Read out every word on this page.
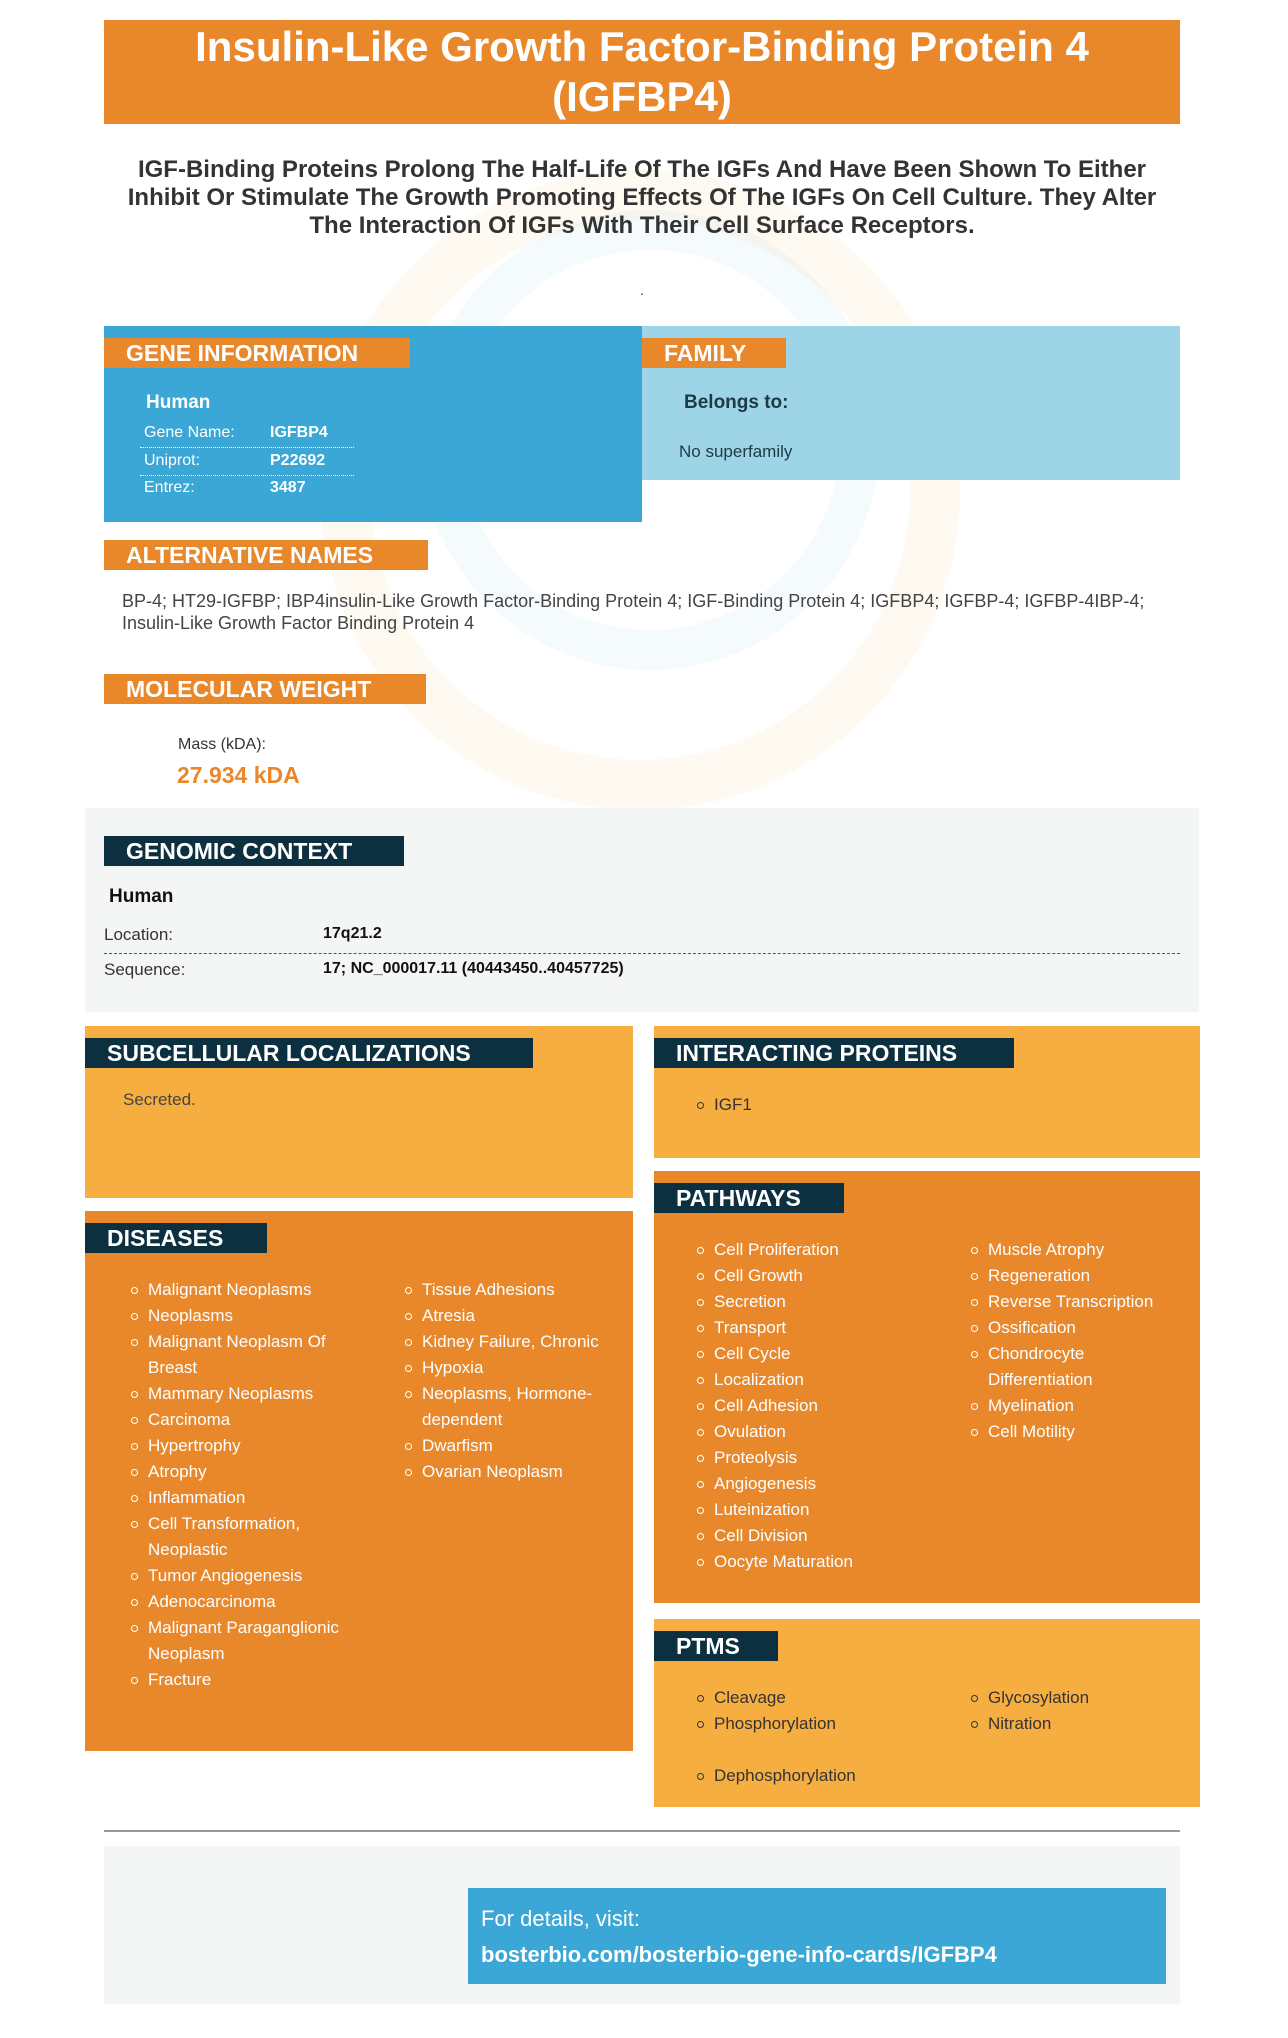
Insulin-Like Growth Factor-Binding Protein 4
(IGFBP4)
IGF-Binding Proteins Prolong The Half-Life Of The IGFs And Have Been Shown To Either Inhibit Or Stimulate The Growth Promoting Effects Of The IGFs On Cell Culture. They Alter The Interaction Of IGFs With Their Cell Surface Receptors.
.
GENE INFORMATION
Human
Gene Name: IGFBP4
Uniprot:	P22692
Entrez:	3487
FAMILY
Belongs to:
No superfamily
ALTERNATIVE NAMES
BP-4; HT29-IGFBP; IBP4insulin-Like Growth Factor-Binding Protein 4; IGF-Binding Protein 4; IGFBP4; IGFBP-4; IGFBP-4IBP-4; Insulin-Like Growth Factor Binding Protein 4
MOLECULAR WEIGHT
Mass (kDA):
27.934 kDA
GENOMIC CONTEXT
Human
Location:	17q21.2
Sequence:	17; NC_000017.11 (40443450..40457725)
SUBCELLULAR LOCALIZATIONS
Secreted.
INTERACTING PROTEINS
IGF1
DISEASES
Malignant Neoplasms
Neoplasms
Malignant Neoplasm Of Breast
Mammary Neoplasms
Carcinoma
Hypertrophy
Atrophy
Inflammation
Cell Transformation, Neoplastic
Tumor Angiogenesis
Adenocarcinoma
Malignant Paraganglionic Neoplasm
Fracture
Tissue Adhesions
Atresia
Kidney Failure, Chronic
Hypoxia
Neoplasms, Hormone-dependent
Dwarfism
Ovarian Neoplasm
PATHWAYS
Cell Proliferation
Cell Growth
Secretion
Transport
Cell Cycle
Localization
Cell Adhesion
Ovulation
Proteolysis
Angiogenesis
Luteinization
Cell Division
Oocyte Maturation
Muscle Atrophy
Regeneration
Reverse Transcription
Ossification
Chondrocyte Differentiation
Myelination
Cell Motility
PTMS
Cleavage
Phosphorylation
Glycosylation
Nitration
Dephosphorylation
For details, visit:
bosterbio.com/bosterbio-gene-info-cards/IGFBP4
